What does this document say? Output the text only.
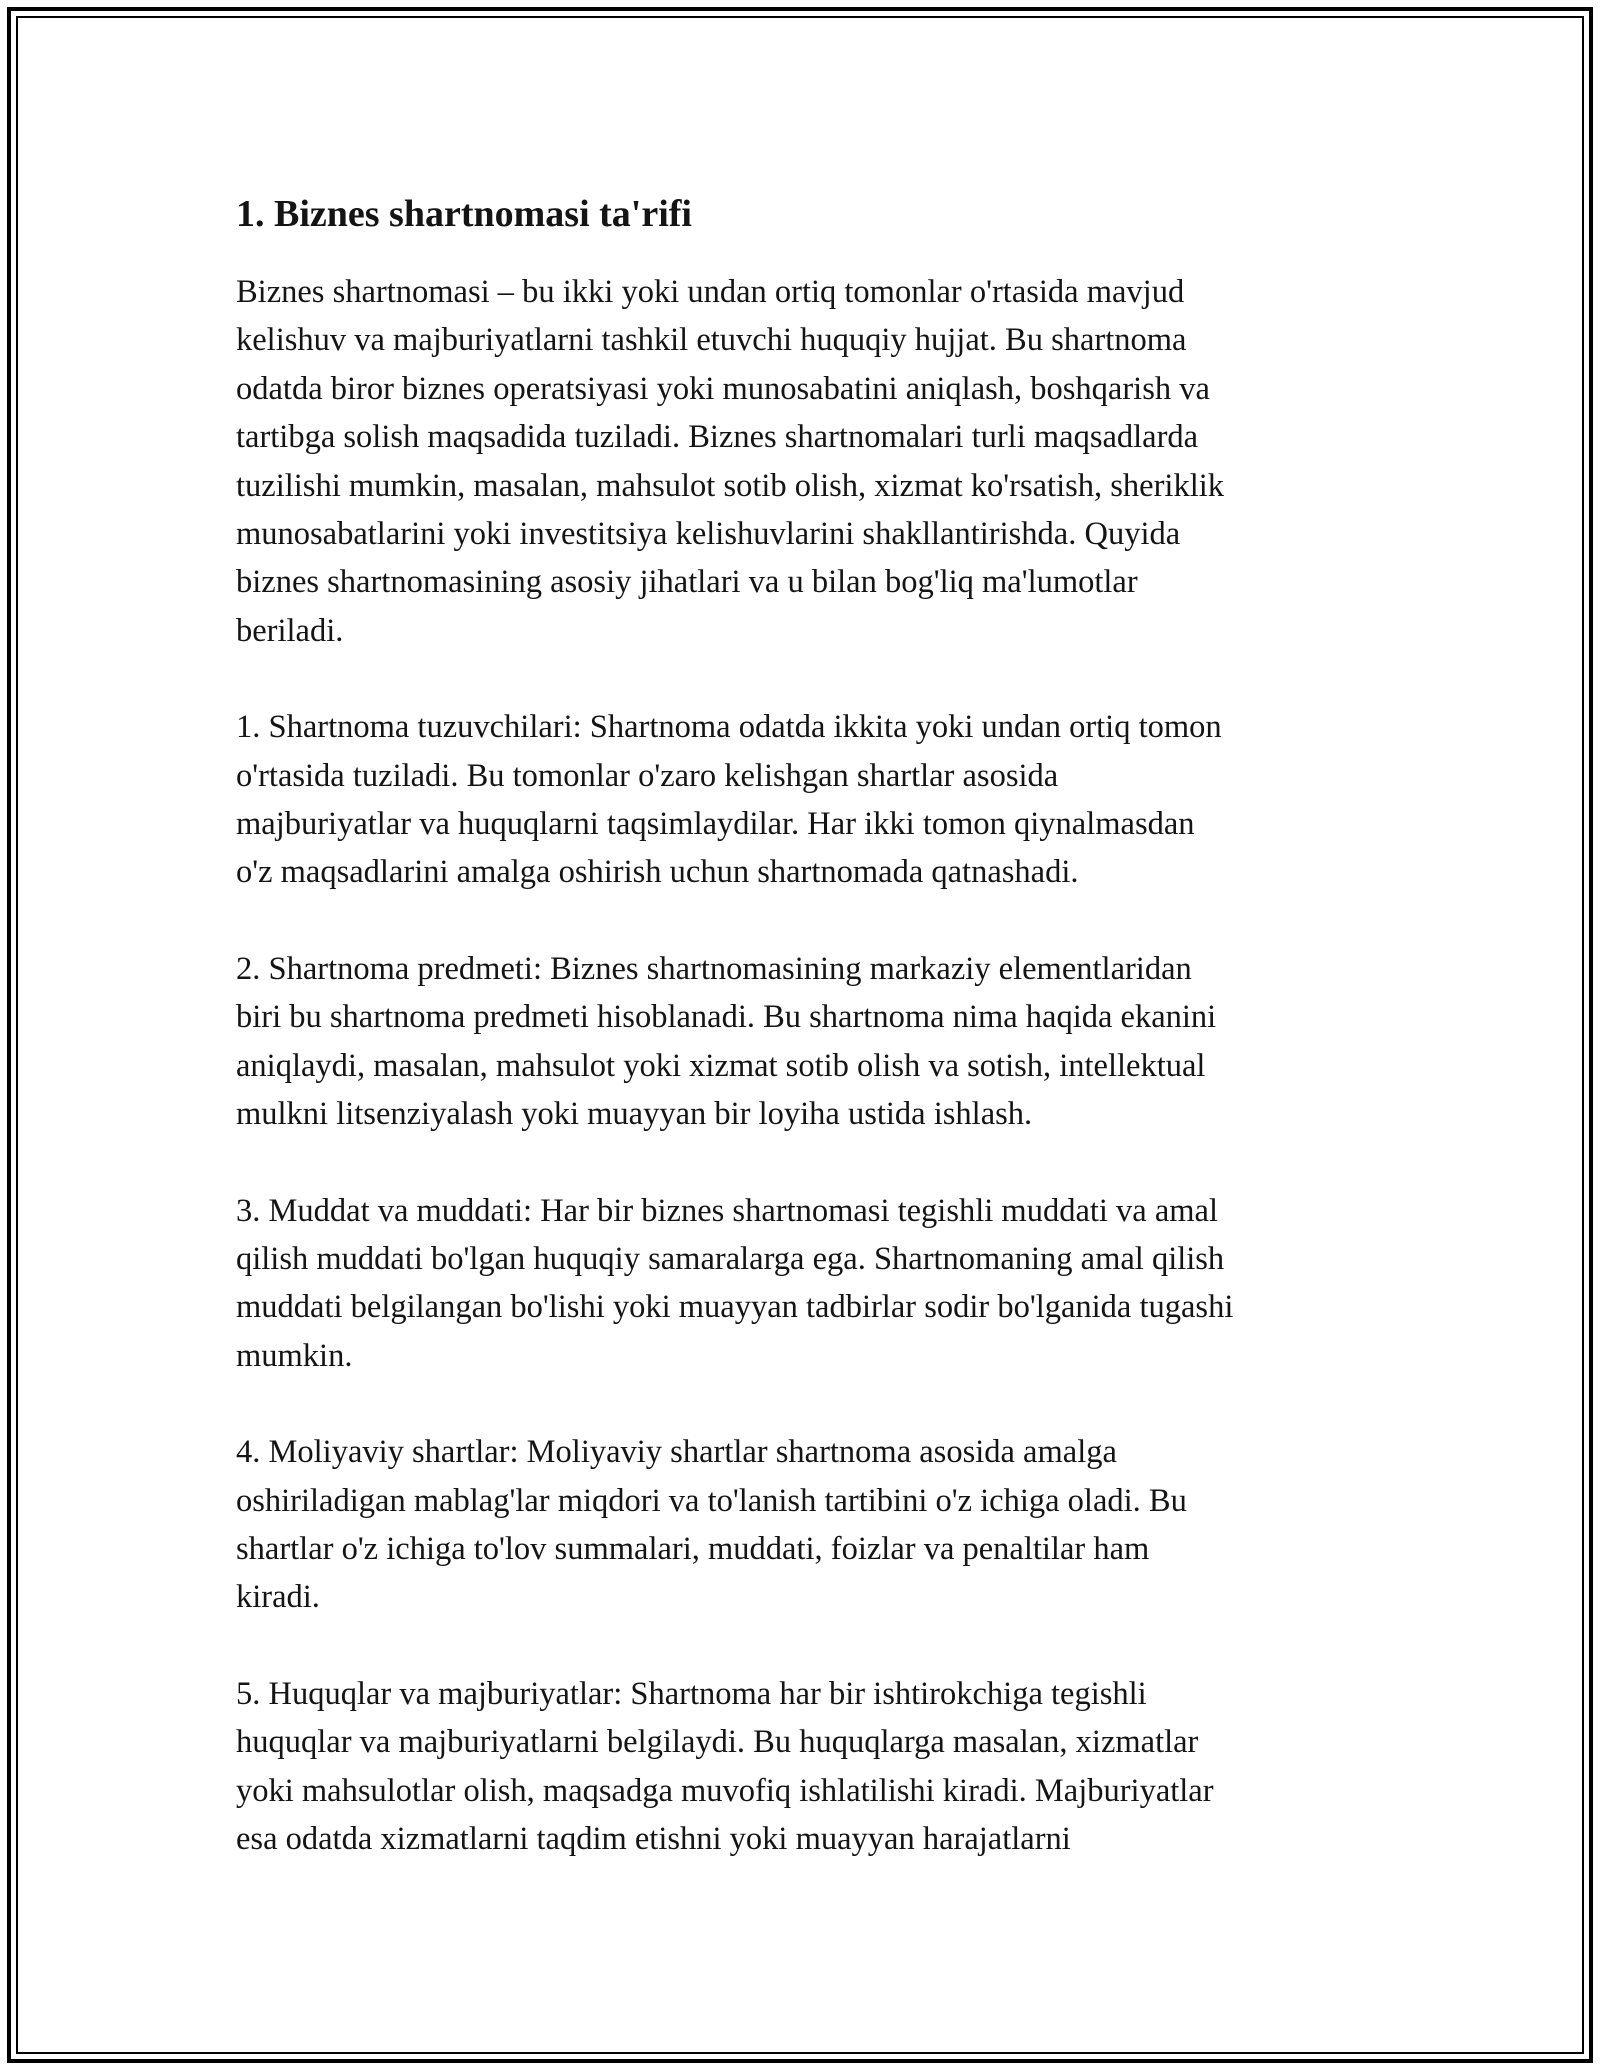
1. Biznes shartnomasi ta'rifi

Biznes shartnomasi – bu ikki yoki undan ortiq tomonlar o'rtasida mavjud
kelishuv va majburiyatlarni tashkil etuvchi huquqiy hujjat. Bu shartnoma
odatda biror biznes operatsiyasi yoki munosabatini aniqlash, boshqarish va
tartibga solish maqsadida tuziladi. Biznes shartnomalari turli maqsadlarda
tuzilishi mumkin, masalan, mahsulot sotib olish, xizmat ko'rsatish, sheriklik
munosabatlarini yoki investitsiya kelishuvlarini shakllantirishda. Quyida
biznes shartnomasining asosiy jihatlari va u bilan bog'liq ma'lumotlar
beriladi.

1. Shartnoma tuzuvchilari: Shartnoma odatda ikkita yoki undan ortiq tomon
o'rtasida tuziladi. Bu tomonlar o'zaro kelishgan shartlar asosida
majburiyatlar va huquqlarni taqsimlaydilar. Har ikki tomon qiynalmasdan
o'z maqsadlarini amalga oshirish uchun shartnomada qatnashadi.

2. Shartnoma predmeti: Biznes shartnomasining markaziy elementlaridan
biri bu shartnoma predmeti hisoblanadi. Bu shartnoma nima haqida ekanini
aniqlaydi, masalan, mahsulot yoki xizmat sotib olish va sotish, intellektual
mulkni litsenziyalash yoki muayyan bir loyiha ustida ishlash.

3. Muddat va muddati: Har bir biznes shartnomasi tegishli muddati va amal
qilish muddati bo'lgan huquqiy samaralarga ega. Shartnomaning amal qilish
muddati belgilangan bo'lishi yoki muayyan tadbirlar sodir bo'lganida tugashi
mumkin.

4. Moliyaviy shartlar: Moliyaviy shartlar shartnoma asosida amalga
oshiriladigan mablag'lar miqdori va to'lanish tartibini o'z ichiga oladi. Bu
shartlar o'z ichiga to'lov summalari, muddati, foizlar va penaltilar ham
kiradi.

5. Huquqlar va majburiyatlar: Shartnoma har bir ishtirokchiga tegishli
huquqlar va majburiyatlarni belgilaydi. Bu huquqlarga masalan, xizmatlar
yoki mahsulotlar olish, maqsadga muvofiq ishlatilishi kiradi. Majburiyatlar
esa odatda xizmatlarni taqdim etishni yoki muayyan harajatlarni
